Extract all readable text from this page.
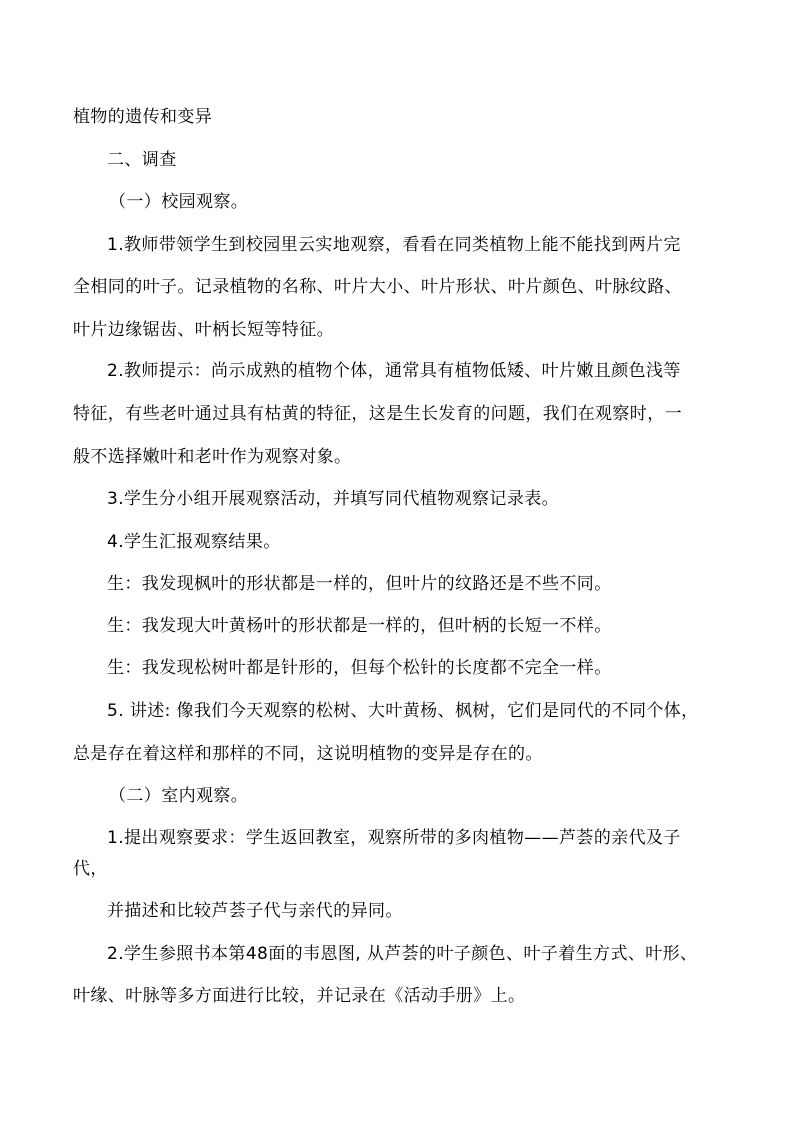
植物的遗传和变异
二、调查
（一）校园观察。
1.教师带领学生到校园里云实地观察，看看在同类植物上能不能找到两片完
全相同的叶子。记录植物的名称、叶片大小、叶片形状、叶片颜色、叶脉纹路、
叶片边缘锯齿、叶柄长短等特征。
2.教师提示：尚示成熟的植物个体，通常具有植物低矮、叶片嫩且颜色浅等
特征，有些老叶通过具有枯黄的特征，这是生长发育的问题，我们在观察时，一
般不选择嫩叶和老叶作为观察对象。
3.学生分小组开展观察活动，并填写同代植物观察记录表。
4.学生汇报观察结果。
生：我发现枫叶的形状都是一样的，但叶片的纹路还是不些不同。
生：我发现大叶黄杨叶的形状都是一样的，但叶柄的长短一不样。
生：我发现松树叶都是针形的，但每个松针的长度都不完全一样。
5. 讲述: 像我们今天观察的松树、大叶黄杨、枫树，它们是同代的不同个体，
总是存在着这样和那样的不同，这说明植物的变异是存在的。
（二）室内观察。
1.提出观察要求：学生返回教室，观察所带的多肉植物——芦荟的亲代及子
代，
并描述和比较芦荟子代与亲代的异同。
2.学生参照书本第48面的韦恩图, 从芦荟的叶子颜色、叶子着生方式、叶形、
叶缘、叶脉等多方面进行比较，并记录在《活动手册》上。
